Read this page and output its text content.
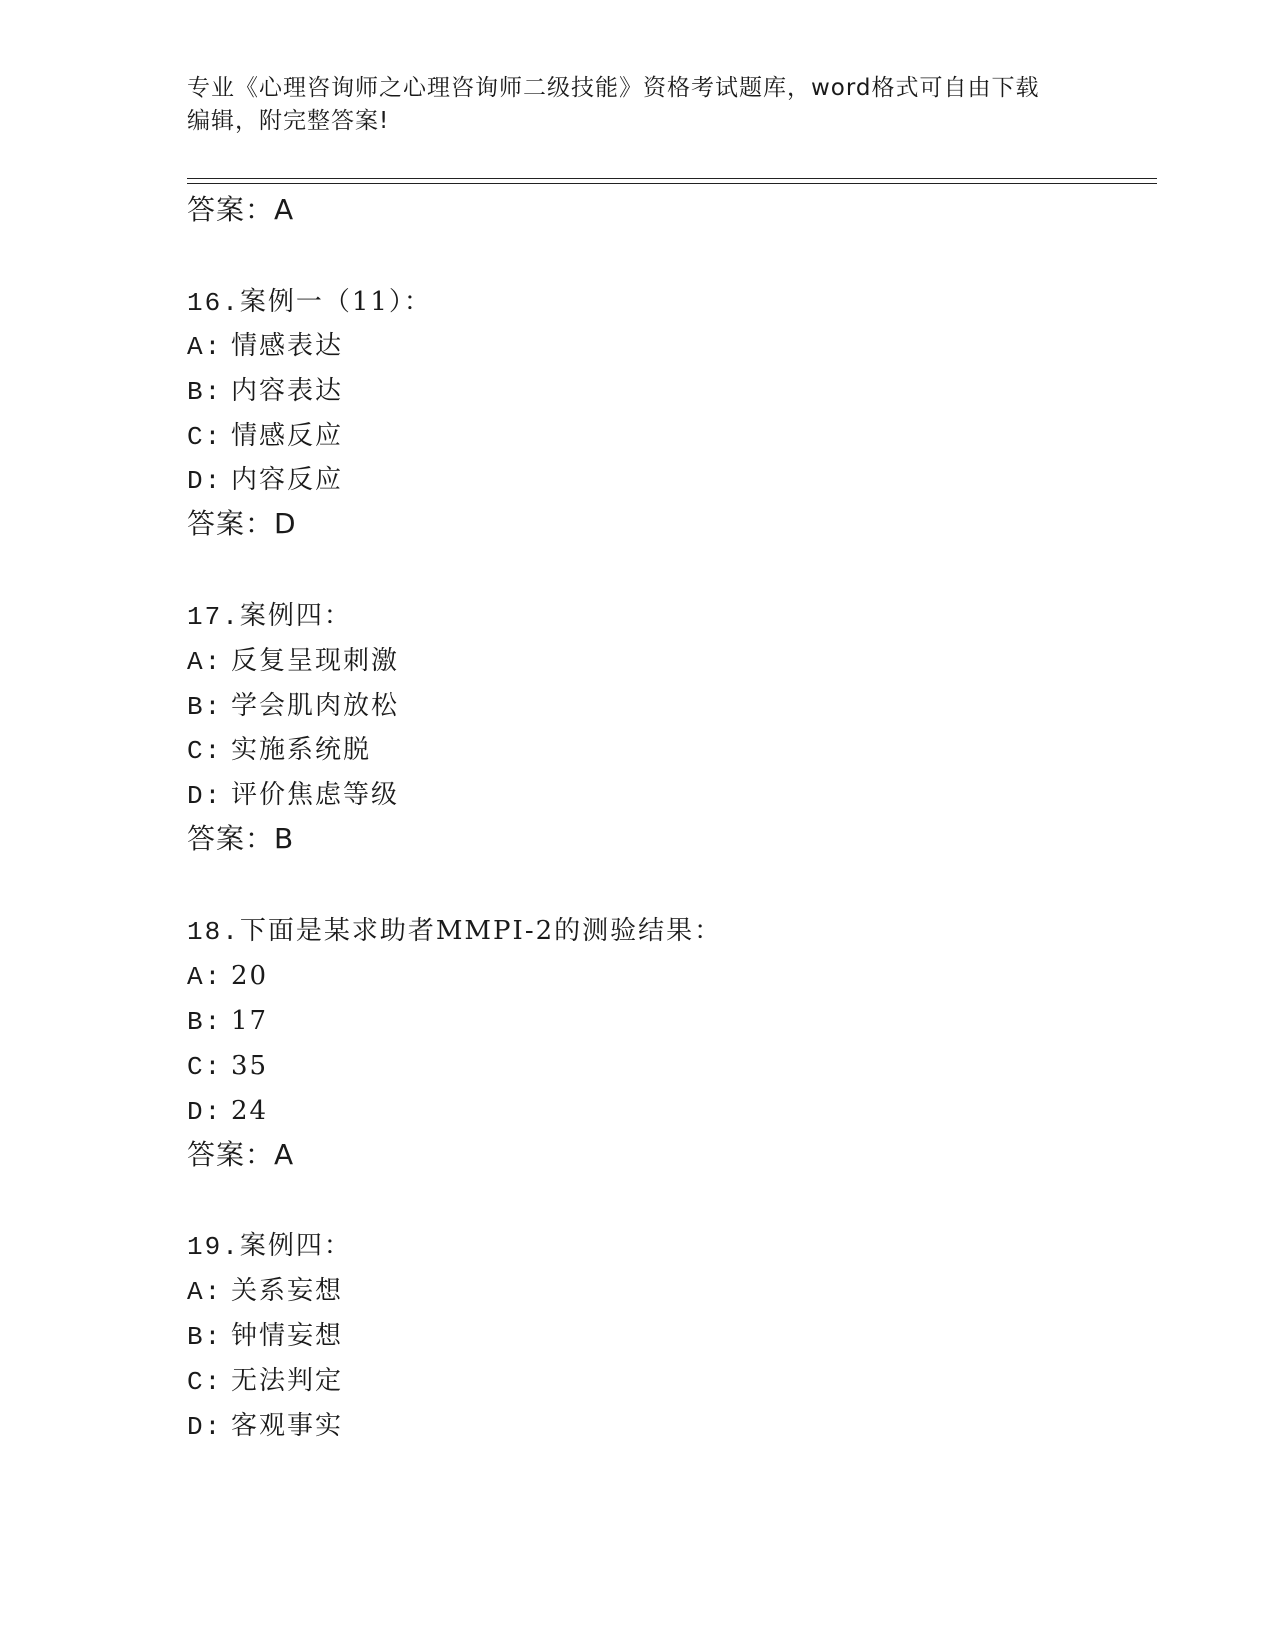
专业《心理咨询师之心理咨询师二级技能》资格考试题库，word格式可自由下载
编辑，附完整答案!
答案：A
16.案例一（11）：
A: 情感表达
B: 内容表达
C: 情感反应
D: 内容反应
答案：D
17.案例四：
A: 反复呈现刺激
B: 学会肌肉放松
C: 实施系统脱
D: 评价焦虑等级
答案：B
18.下面是某求助者MMPI-2的测验结果：
A: 20
B: 17
C: 35
D: 24
答案：A
19.案例四：
A: 关系妄想
B: 钟情妄想
C: 无法判定
D: 客观事实
